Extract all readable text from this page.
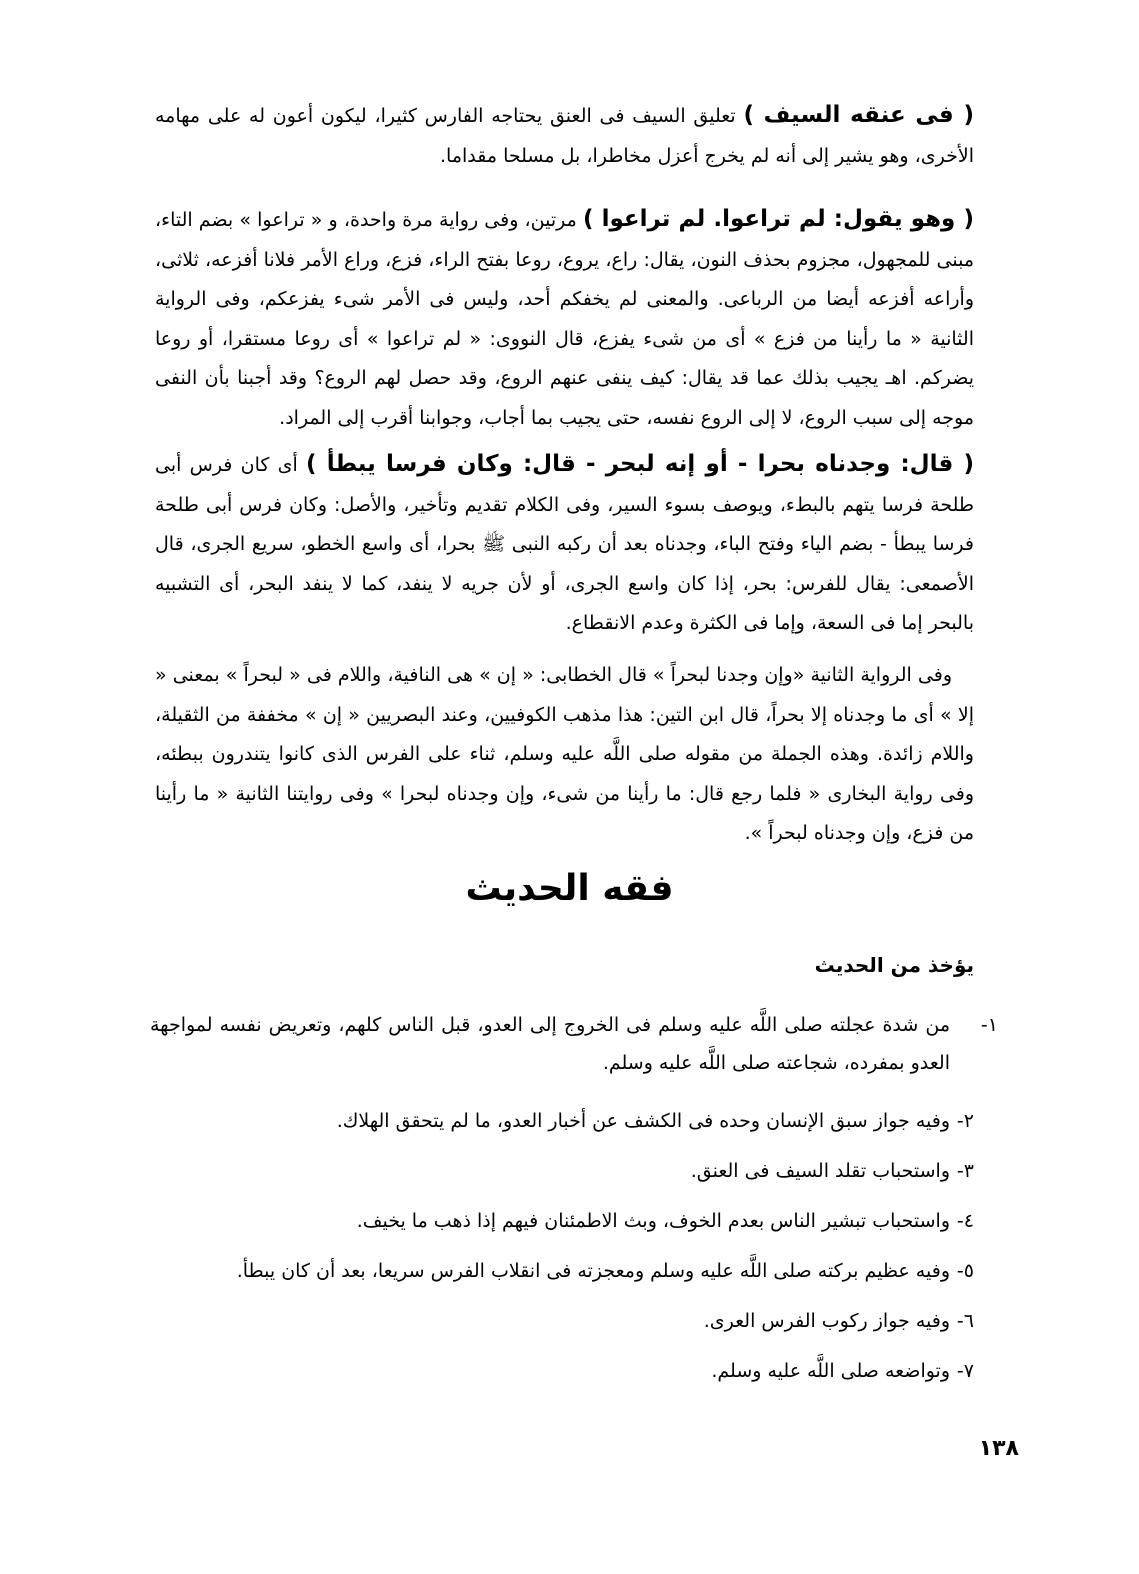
( فى عنقه السيف ) تعليق السيف فى العنق يحتاجه الفارس كثيرا، ليكون أعون له على مهامه الأخرى، وهو يشير إلى أنه لم يخرج أعزل مخاطرا، بل مسلحا مقداما.

( وهو يقول: لم تراعوا. لم تراعوا ) مرتين، وفى رواية مرة واحدة، و « تراعوا » بضم التاء، مبنى للمجهول، مجزوم بحذف النون، يقال: راع، يروع، روعا بفتح الراء، فزع، وراع الأمر فلانا أفزعه، ثلاثى، وأراعه أفزعه أيضا من الرباعى. والمعنى لم يخفكم أحد، وليس فى الأمر شىء يفزعكم، وفى الرواية الثانية « ما رأينا من فزع » أى من شىء يفزع، قال النووى: « لم تراعوا » أى روعا مستقرا، أو روعا يضركم. اهـ يجيب بذلك عما قد يقال: كيف ينفى عنهم الروع، وقد حصل لهم الروع؟ وقد أجبنا بأن النفى موجه إلى سبب الروع، لا إلى الروع نفسه، حتى يجيب بما أجاب، وجوابنا أقرب إلى المراد.

( قال: وجدناه بحرا - أو إنه لبحر - قال: وكان فرسا يبطأ ) أى كان فرس أبى طلحة فرسا يتهم بالبطء، ويوصف بسوء السير، وفى الكلام تقديم وتأخير، والأصل: وكان فرس أبى طلحة فرسا يبطأ - بضم الياء وفتح الباء، وجدناه بعد أن ركبه النبى ﷺ بحرا، أى واسع الخطو، سريع الجرى، قال الأصمعى: يقال للفرس: بحر، إذا كان واسع الجرى، أو لأن جريه لا ينفد، كما لا ينفد البحر، أى التشبيه بالبحر إما فى السعة، وإما فى الكثرة وعدم الانقطاع.

وفى الرواية الثانية «وإن وجدنا لبحراً » قال الخطابى: « إن » هى النافية، واللام فى « لبحراً » بمعنى « إلا » أى ما وجدناه إلا بحراً، قال ابن التين: هذا مذهب الكوفيين، وعند البصريين « إن » مخففة من الثقيلة، واللام زائدة. وهذه الجملة من مقوله صلى اللَّه عليه وسلم، ثناء على الفرس الذى كانوا يتندرون ببطئه، وفى رواية البخارى « فلما رجع قال: ما رأينا من شىء، وإن وجدناه لبحرا » وفى روايتنا الثانية « ما رأينا من فزع، وإن وجدناه لبحراً ».

فقه الحديث
يؤخذ من الحديث
١-من شدة عجلته صلى اللَّه عليه وسلم فى الخروج إلى العدو، قبل الناس كلهم، وتعريض نفسه لمواجهة العدو بمفرده، شجاعته صلى اللَّه عليه وسلم.
٢-وفيه جواز سبق الإنسان وحده فى الكشف عن أخبار العدو، ما لم يتحقق الهلاك.
٣-واستحباب تقلد السيف فى العنق.
٤-واستحباب تبشير الناس بعدم الخوف، وبث الاطمئنان فيهم إذا ذهب ما يخيف.
٥-وفيه عظيم بركته صلى اللَّه عليه وسلم ومعجزته فى انقلاب الفرس سريعا، بعد أن كان يبطأ.
٦-وفيه جواز ركوب الفرس العرى.
٧-وتواضعه صلى اللَّه عليه وسلم.
١٣٨
